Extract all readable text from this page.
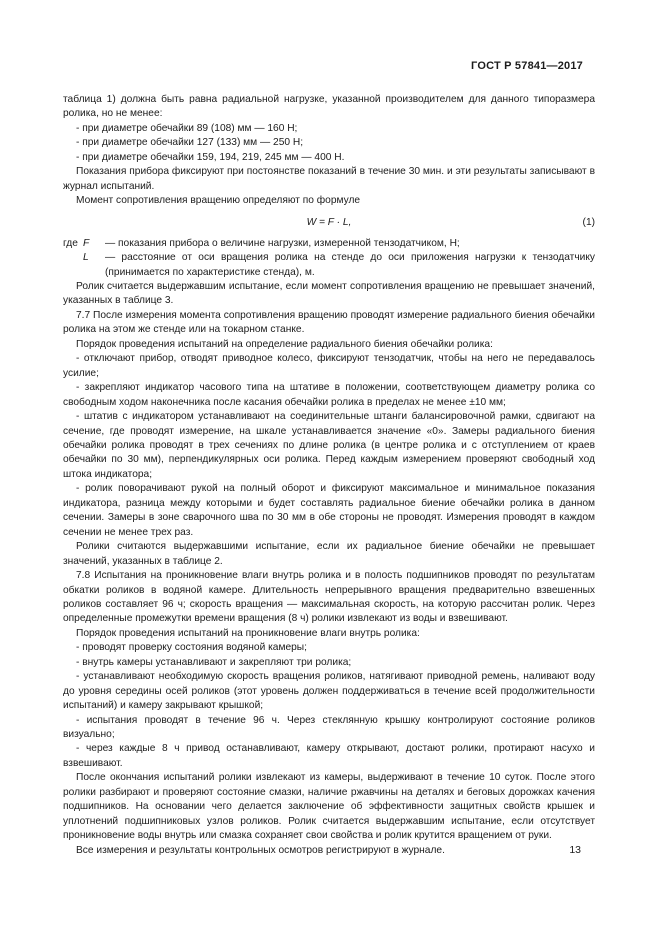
ГОСТ Р 57841—2017

таблица 1) должна быть равна радиальной нагрузке, указанной производителем для данного типоразмера ролика, но не менее:

- при диаметре обечайки 89 (108) мм — 160 Н;

- при диаметре обечайки 127 (133) мм — 250 Н;

- при диаметре обечайки 159, 194, 219, 245 мм — 400 Н.

Показания прибора фиксируют при постоянстве показаний в течение 30 мин. и эти результаты записывают в журнал испытаний.

Момент сопротивления вращению определяют по формуле

W = F · L,	(1)
где F	— показания прибора о величине нагрузки, измеренной тензодатчиком, Н;
L	— расстояние от оси вращения ролика на стенде до оси приложения нагрузки к тензодатчику (принимается по характеристике стенда), м.

Ролик считается выдержавшим испытание, если момент сопротивления вращению не превышает значений, указанных в таблице 3.

7.7 После измерения момента сопротивления вращению проводят измерение радиального биения обечайки ролика на этом же стенде или на токарном станке.

Порядок проведения испытаний на определение радиального биения обечайки ролика:

- отключают прибор, отводят приводное колесо, фиксируют тензодатчик, чтобы на него не передавалось усилие;

- закрепляют индикатор часового типа на штативе в положении, соответствующем диаметру ролика со свободным ходом наконечника после касания обечайки ролика в пределах не менее ±10 мм;

- штатив с индикатором устанавливают на соединительные штанги балансировочной рамки, сдвигают на сечение, где проводят измерение, на шкале устанавливается значение «0». Замеры радиального биения обечайки ролика проводят в трех сечениях по длине ролика (в центре ролика и с отступлением от краев обечайки по 30 мм), перпендикулярных оси ролика. Перед каждым измерением проверяют свободный ход штока индикатора;

- ролик поворачивают рукой на полный оборот и фиксируют максимальное и минимальное показания индикатора, разница между которыми и будет составлять радиальное биение обечайки ролика в данном сечении. Замеры в зоне сварочного шва по 30 мм в обе стороны не проводят. Измерения проводят в каждом сечении не менее трех раз.

Ролики считаются выдержавшими испытание, если их радиальное биение обечайки не превышает значений, указанных в таблице 2.

7.8 Испытания на проникновение влаги внутрь ролика и в полость подшипников проводят по результатам обкатки роликов в водяной камере. Длительность непрерывного вращения предварительно взвешенных роликов составляет 96 ч; скорость вращения — максимальная скорость, на которую рассчитан ролик. Через определенные промежутки времени вращения (8 ч) ролики извлекают из воды и взвешивают.

Порядок проведения испытаний на проникновение влаги внутрь ролика:

- проводят проверку состояния водяной камеры;

- внутрь камеры устанавливают и закрепляют три ролика;

- устанавливают необходимую скорость вращения роликов, натягивают приводной ремень, наливают воду до уровня середины осей роликов (этот уровень должен поддерживаться в течение всей продолжительности испытаний) и камеру закрывают крышкой;

- испытания проводят в течение 96 ч. Через стеклянную крышку контролируют состояние роликов визуально;

- через каждые 8 ч привод останавливают, камеру открывают, достают ролики, протирают насухо и взвешивают.

После окончания испытаний ролики извлекают из камеры, выдерживают в течение 10 суток. После этого ролики разбирают и проверяют состояние смазки, наличие ржавчины на деталях и беговых дорожках качения подшипников. На основании чего делается заключение об эффективности защитных свойств крышек и уплотнений подшипниковых узлов роликов. Ролик считается выдержавшим испытание, если отсутствует проникновение воды внутрь или смазка сохраняет свои свойства и ролик крутится вращением от руки.

Все измерения и результаты контрольных осмотров регистрируют в журнале.	13
